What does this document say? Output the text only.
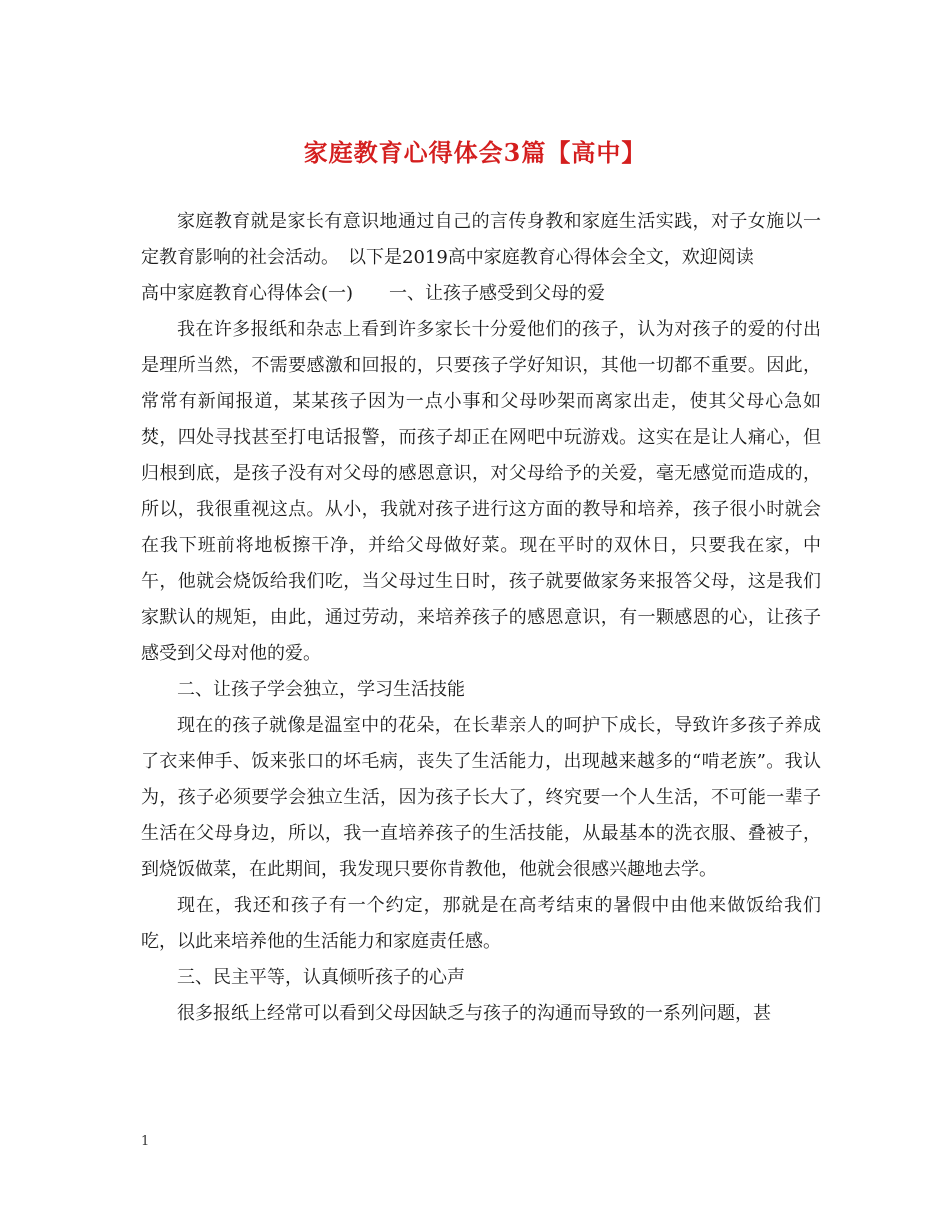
家庭教育心得体会3篇【高中】

家庭教育就是家长有意识地通过自己的言传身教和家庭生活实践，对子女施以一定教育影响的社会活动。　以下是2019高中家庭教育心得体会全文，欢迎阅读

高中家庭教育心得体会(一)　　一、让孩子感受到父母的爱

我在许多报纸和杂志上看到许多家长十分爱他们的孩子，认为对孩子的爱的付出是理所当然，不需要感激和回报的，只要孩子学好知识，其他一切都不重要。因此，常常有新闻报道，某某孩子因为一点小事和父母吵架而离家出走，使其父母心急如焚，四处寻找甚至打电话报警，而孩子却正在网吧中玩游戏。这实在是让人痛心，但归根到底，是孩子没有对父母的感恩意识，对父母给予的关爱，毫无感觉而造成的，所以，我很重视这点。从小，我就对孩子进行这方面的教导和培养，孩子很小时就会在我下班前将地板擦干净，并给父母做好菜。现在平时的双休日，只要我在家，中午，他就会烧饭给我们吃，当父母过生日时，孩子就要做家务来报答父母，这是我们家默认的规矩，由此，通过劳动，来培养孩子的感恩意识，有一颗感恩的心，让孩子感受到父母对他的爱。

二、让孩子学会独立，学习生活技能

现在的孩子就像是温室中的花朵，在长辈亲人的呵护下成长，导致许多孩子养成了衣来伸手、饭来张口的坏毛病，丧失了生活能力，出现越来越多的“啃老族”。我认为，孩子必须要学会独立生活，因为孩子长大了，终究要一个人生活，不可能一辈子生活在父母身边，所以，我一直培养孩子的生活技能，从最基本的洗衣服、叠被子，到烧饭做菜，在此期间，我发现只要你肯教他，他就会很感兴趣地去学。

现在，我还和孩子有一个约定，那就是在高考结束的暑假中由他来做饭给我们吃，以此来培养他的生活能力和家庭责任感。

三、民主平等，认真倾听孩子的心声

很多报纸上经常可以看到父母因缺乏与孩子的沟通而导致的一系列问题，甚

1
